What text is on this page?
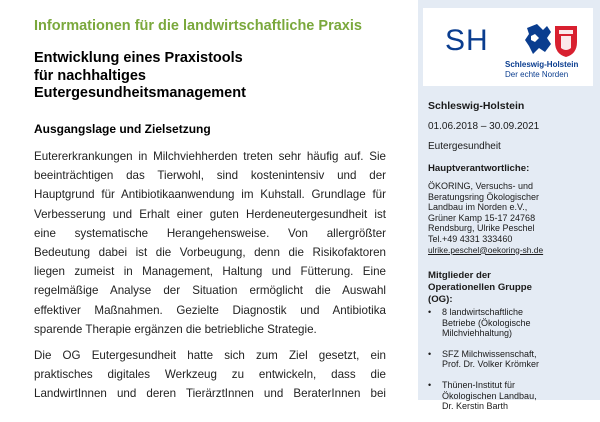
Informationen für die landwirtschaftliche Praxis
Entwicklung eines Praxistools
für nachhaltiges
Eutergesundheitsmanagement
Ausgangslage und Zielsetzung

Eutererkrankungen in Milchviehherden treten sehr häufig auf. Sie
beeinträchtigen das Tierwohl, sind kostenintensiv und der
Hauptgrund für Antibiotikaanwendung im Kuhstall. Grundlage für
Verbesserung und Erhalt einer guten Herdeneutergesundheit ist
eine systematische Herangehensweise. Von allergrößter
Bedeutung dabei ist die Vorbeugung, denn die Risikofaktoren
liegen zumeist in Management, Haltung und Fütterung. Eine
regelmäßige Analyse der Situation ermöglicht die Auswahl
effektiver Maßnahmen. Gezielte Diagnostik und Antibiotika
sparende Therapie ergänzen die betriebliche Strategie.

Die OG Eutergesundheit hatte sich zum Ziel gesetzt, ein
praktisches digitales Werkzeug zu entwickeln, dass die
LandwirtInnen und deren TierärztInnen und BeraterInnen bei

SH
Schleswig-Holstein
Der echte Norden
Schleswig-Holstein
01.06.2018 – 30.09.2021
Eutergesundheit
Hauptverantwortliche:
ÖKORING, Versuchs- und
Beratungsring Ökologischer
Landbau im Norden e.V.,
Grüner Kamp 15-17 24768
Rendsburg, Ulrike Peschel
Tel.+49 4331 333460
ulrike.peschel@oekoring-sh.de
Mitglieder der
Operationellen Gruppe
(OG):
• 8 landwirtschaftliche
Betriebe (Ökologische
Milchviehhaltung)
• SFZ Milchwissenschaft,
Prof. Dr. Volker Krömker
• Thünen-Institut für
Ökologischen Landbau,
Dr. Kerstin Barth
